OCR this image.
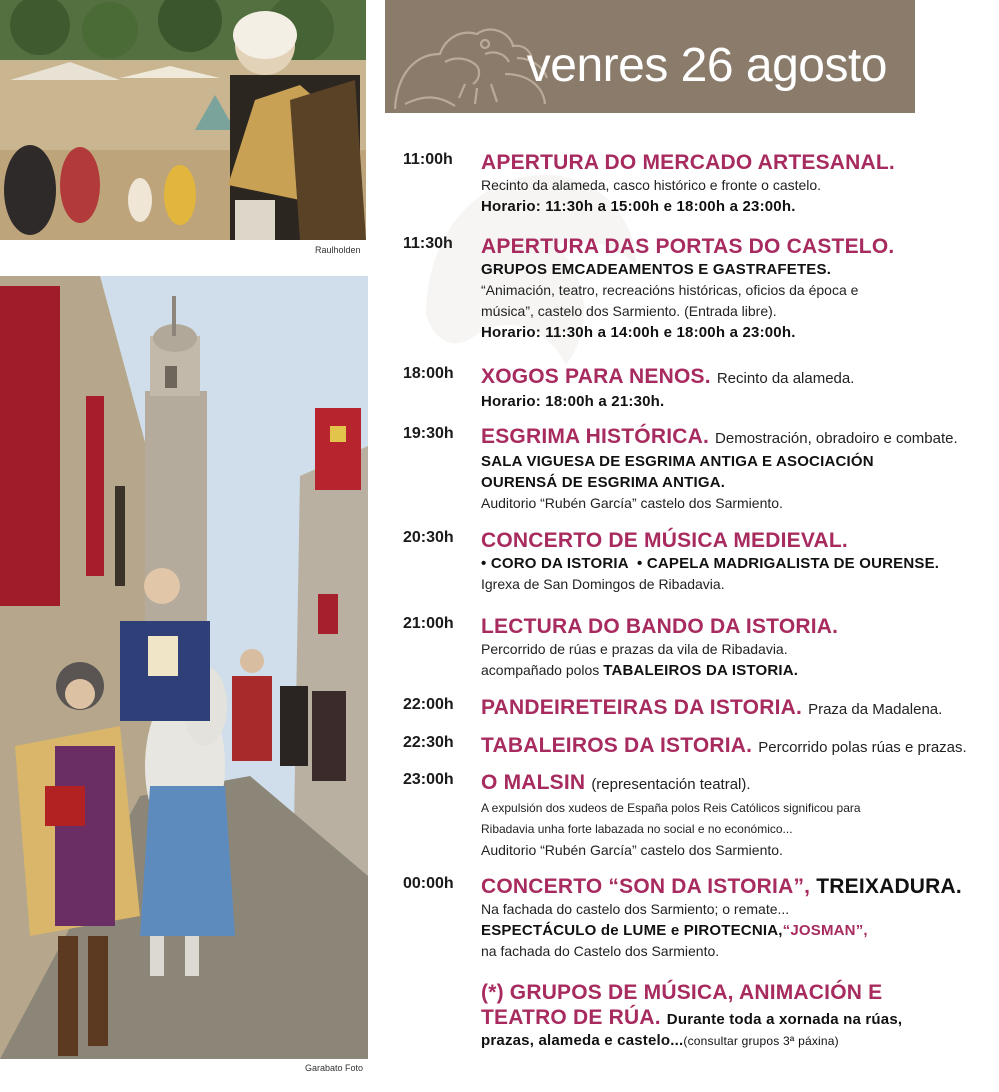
Raulholden
Garabato Foto
venres 26 agosto
11:00h	APERTURA DO MERCADO ARTESANAL.
Recinto da alameda, casco histórico e fronte o castelo.
Horario: 11:30h a 15:00h e 18:00h a 23:00h.
11:30h	APERTURA DAS PORTAS DO CASTELO.
GRUPOS EMCADEAMENTOS E GASTRAFETES.
“Animación, teatro, recreacións históricas, oficios da época e
música”, castelo dos Sarmiento. (Entrada libre).
Horario: 11:30h a 14:00h e 18:00h a 23:00h.
18:00h	XOGOS PARA NENOS. Recinto da alameda.
Horario: 18:00h a 21:30h.
19:30h	ESGRIMA HISTÓRICA. Demostración, obradoiro e combate.
SALA VIGUESA DE ESGRIMA ANTIGA E ASOCIACIÓN
OURENSÁ DE ESGRIMA ANTIGA.
Auditorio “Rubén García” castelo dos Sarmiento.
20:30h	CONCERTO DE MÚSICA MEDIEVAL.
• CORO DA ISTORIA  • CAPELA MADRIGALISTA DE OURENSE.
Igrexa de San Domingos de Ribadavia.
21:00h	LECTURA DO BANDO DA ISTORIA.
Percorrido de rúas e prazas da vila de Ribadavia.
acompañado polos TABALEIROS DA ISTORIA.
22:00h	PANDEIRETEIRAS DA ISTORIA. Praza da Madalena.
22:30h	TABALEIROS DA ISTORIA. Percorrido polas rúas e prazas.
23:00h	O MALSIN (representación teatral).
A expulsión dos xudeos de España polos Reis Católicos significou para
Ribadavia unha forte labazada no social e no económico...
Auditorio “Rubén García” castelo dos Sarmiento.
00:00h	CONCERTO “SON DA ISTORIA”, TREIXADURA.
Na fachada do castelo dos Sarmiento; o remate...
ESPECTÁCULO de LUME e PIROTECNIA,“JOSMAN”,
na fachada do Castelo dos Sarmiento.
(*) GRUPOS DE MÚSICA, ANIMACIÓN E
TEATRO DE RÚA. Durante toda a xornada na rúas,
prazas, alameda e castelo...(consultar grupos 3ª páxina)
